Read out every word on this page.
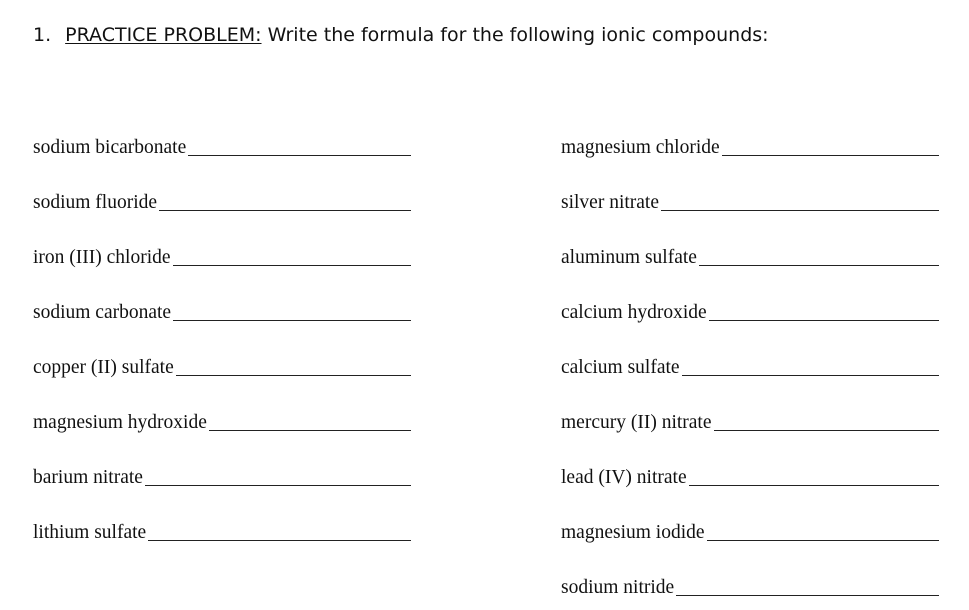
1. PRACTICE PROBLEM: Write the formula for the following ionic compounds:
sodium bicarbonate
sodium fluoride
iron (III) chloride
sodium carbonate
copper (II) sulfate
magnesium hydroxide
barium nitrate
lithium sulfate
magnesium chloride
silver nitrate
aluminum sulfate
calcium hydroxide
calcium sulfate
mercury (II) nitrate
lead (IV) nitrate
magnesium iodide
sodium nitride
